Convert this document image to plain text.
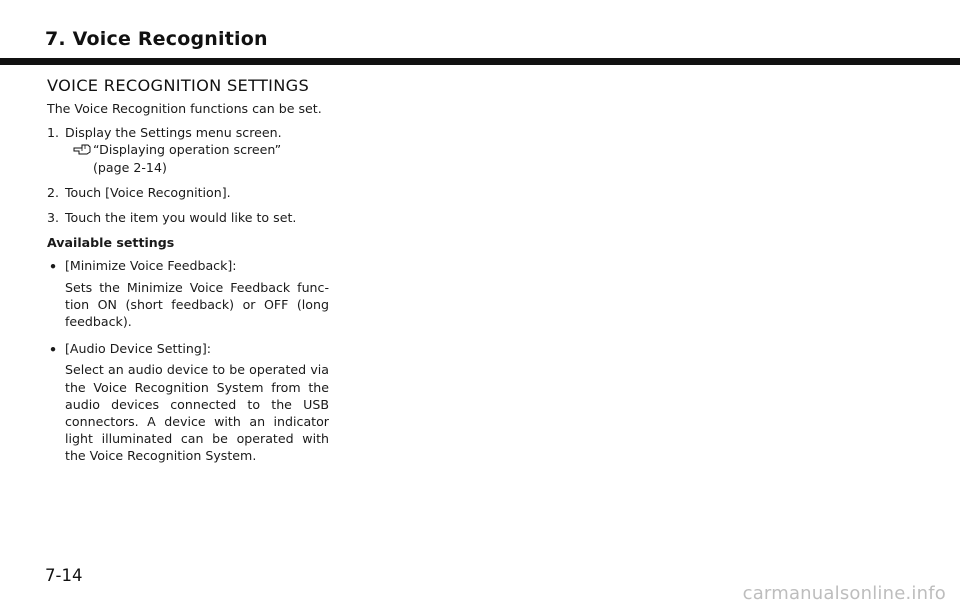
7. Voice Recognition
VOICE RECOGNITION SETTINGS

The Voice Recognition functions can be set.

1. Display the Settings menu screen.
“Displaying operation screen”
(page 2-14)
2. Touch [Voice Recognition].
3. Touch the item you would like to set.
Available settings
• [Minimize Voice Feedback]:

Sets the Minimize Voice Feedback func-tion ON (short feedback) or OFF (long feedback).

• [Audio Device Setting]:

Select an audio device to be operated via the Voice Recognition System from the audio devices connected to the USB connectors. A device with an indicator light illuminated can be operated with the Voice Recognition System.

7-14
carmanualsonline.info
